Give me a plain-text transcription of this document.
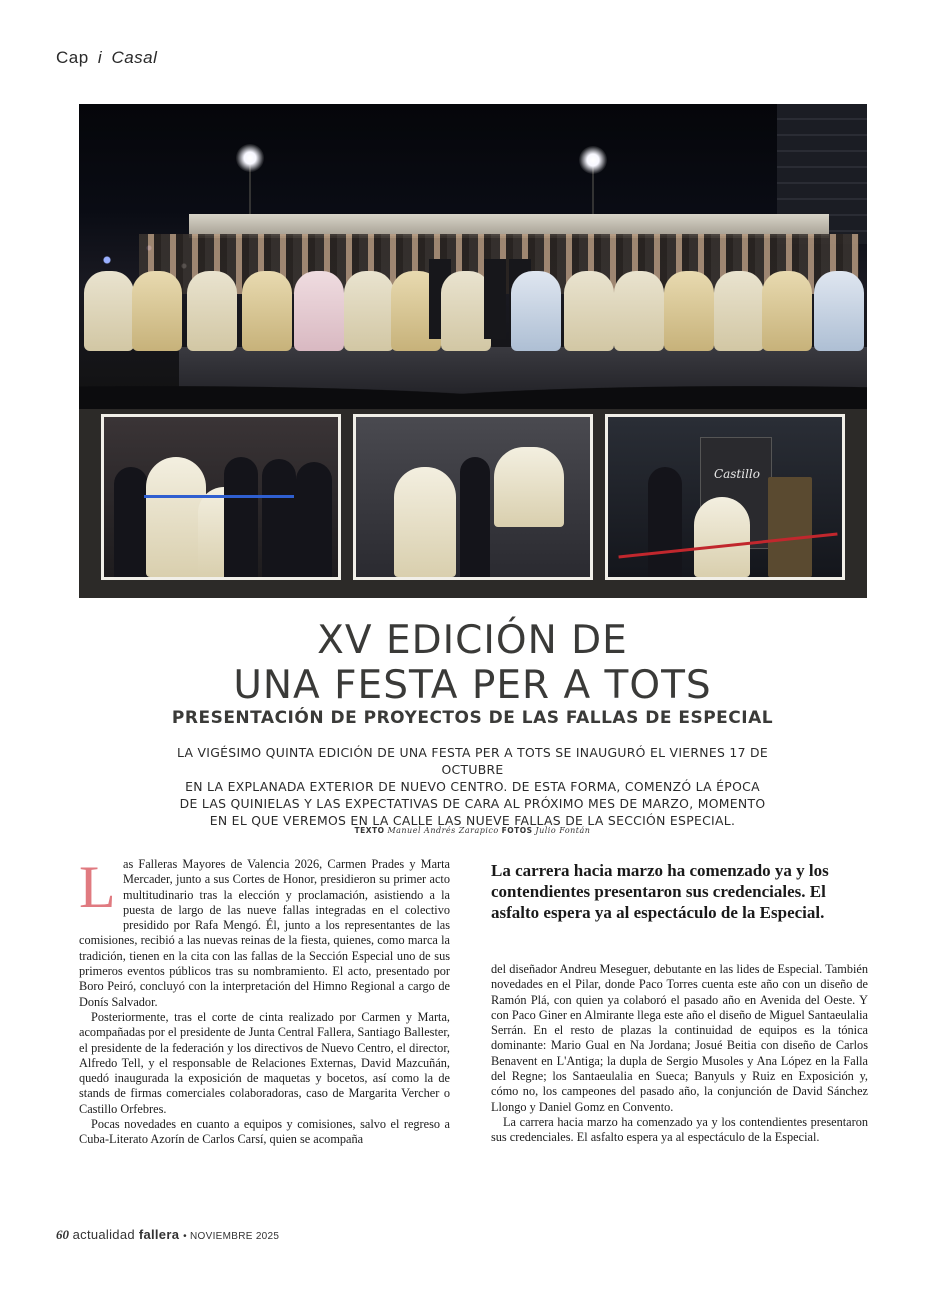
Cap i Casal
Castillo
XV EDICIÓN DE
UNA FESTA PER A TOTS
PRESENTACIÓN DE PROYECTOS DE LAS FALLAS DE ESPECIAL
LA VIGÉSIMO QUINTA EDICIÓN DE UNA FESTA PER A TOTS SE INAUGURÓ EL VIERNES 17 DE OCTUBRE
EN LA EXPLANADA EXTERIOR DE NUEVO CENTRO. DE ESTA FORMA, COMENZÓ LA ÉPOCA
DE LAS QUINIELAS Y LAS EXPECTATIVAS DE CARA AL PRÓXIMO MES DE MARZO, MOMENTO
EN EL QUE VEREMOS EN LA CALLE LAS NUEVE FALLAS DE LA SECCIÓN ESPECIAL.
TEXTO Manuel Andrés Zarapico FOTOS Julio Fontán
L as Falleras Mayores de Valencia 2026, Carmen Prades y Marta Mercader, junto a sus Cortes de Honor, presidieron su primer acto multitudinario tras la elección y proclamación, asistiendo a la puesta de largo de las nueve fallas integradas en el colectivo presidido por Rafa Mengó. Él, junto a los representantes de las comisiones, recibió a las nuevas reinas de la fiesta, quienes, como marca la tradición, tienen en la cita con las fallas de la Sección Especial uno de sus primeros eventos públicos tras su nombramiento. El acto, presentado por Boro Peiró, concluyó con la interpretación del Himno Regional a cargo de Donís Salvador.

Posteriormente, tras el corte de cinta realizado por Carmen y Marta, acompañadas por el presidente de Junta Central Fallera, Santiago Ballester, el presidente de la federación y los directivos de Nuevo Centro, el director, Alfredo Tell, y el responsable de Relaciones Externas, David Mazcuñán, quedó inaugurada la exposición de maquetas y bocetos, así como la de stands de firmas comerciales colaboradoras, caso de Margarita Vercher o Castillo Orfebres.

Pocas novedades en cuanto a equipos y comisiones, salvo el regreso a Cuba-Literato Azorín de Carlos Carsí, quien se acompaña

La carrera hacia marzo ha comenzado ya y los contendientes presentaron sus credenciales. El asfalto espera ya al espectáculo de la Especial.

del diseñador Andreu Meseguer, debutante en las lides de Especial. También novedades en el Pilar, donde Paco Torres cuenta este año con un diseño de Ramón Plá, con quien ya colaboró el pasado año en Avenida del Oeste. Y con Paco Giner en Almirante llega este año el diseño de Miguel Santaeulalia Serrán. En el resto de plazas la continuidad de equipos es la tónica dominante: Mario Gual en Na Jordana; Josué Beitia con diseño de Carlos Benavent en L'Antiga; la dupla de Sergio Musoles y Ana López en la Falla del Regne; los Santaeulalia en Sueca; Banyuls y Ruiz en Exposición y, cómo no, los campeones del pasado año, la conjunción de David Sánchez Llongo y Daniel Gomz en Convento.

La carrera hacia marzo ha comenzado ya y los contendientes presentaron sus credenciales. El asfalto espera ya al espectáculo de la Especial.

60 actualidad fallera • NOVIEMBRE 2025
